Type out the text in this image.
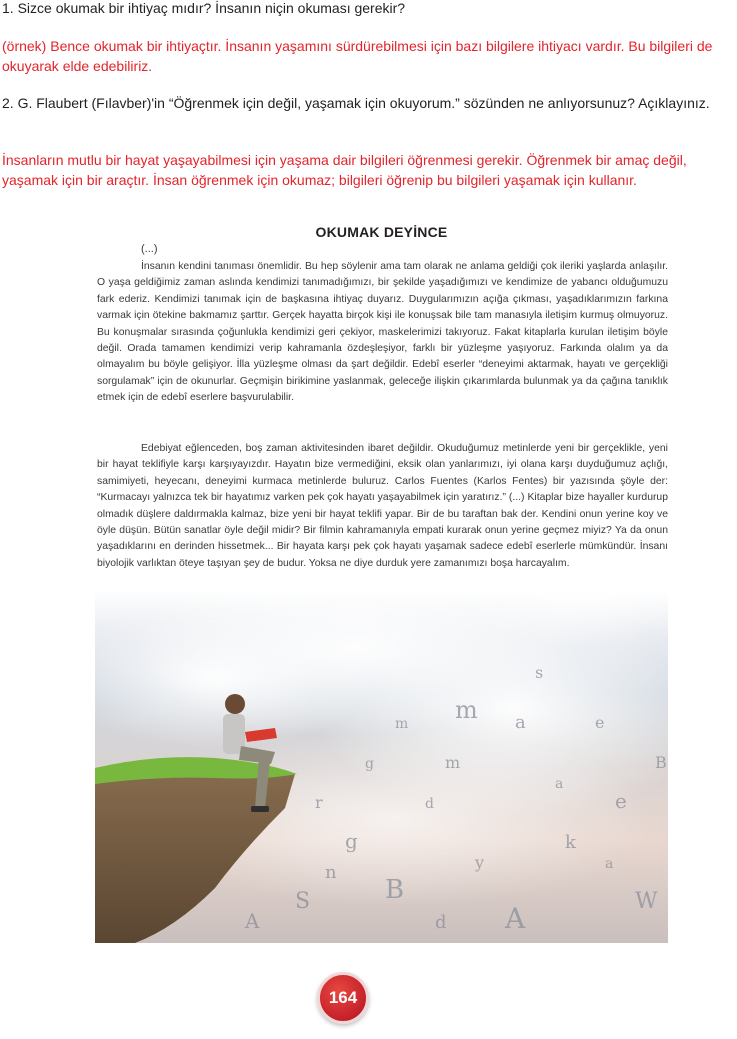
1. Sizce okumak bir ihtiyaç mıdır? İnsanın niçin okuması gerekir?

(örnek) Bence okumak bir ihtiyaçtır. İnsanın yaşamını sürdürebilmesi için bazı bilgilere ihtiyacı vardır. Bu bilgileri de okuyarak elde edebiliriz.

2. G. Flaubert (Fılavber)'in “Öğrenmek için değil, yaşamak için okuyorum.” sözünden ne anlıyorsunuz? Açıklayınız.

İnsanların mutlu bir hayat yaşayabilmesi için yaşama dair bilgileri öğrenmesi gerekir. Öğrenmek bir amaç değil, yaşamak için bir araçtır. İnsan öğrenmek için okumaz; bilgileri öğrenip bu bilgileri yaşamak için kullanır.

m a
B
e
g
A
d
k
r	e
y
W
g
a
S
m
n	a
s
m
A
B
d
OKUMAK DEYİNCE

(...)

İnsanın kendini tanıması önemlidir. Bu hep söylenir ama tam olarak ne anlama geldiği çok ileriki yaşlarda anlaşılır. O yaşa geldiğimiz zaman aslında kendimizi tanımadığımızı, bir şekilde yaşadığımızı ve kendimize de yabancı olduğumuzu fark ederiz. Kendimizi tanımak için de başkasına ihtiyaç duyarız. Duygularımızın açığa çıkması, yaşadıklarımızın farkına varmak için ötekine bakmamız şarttır. Gerçek hayatta birçok kişi ile konuşsak bile tam manasıyla iletişim kurmuş olmuyoruz. Bu konuşmalar sırasında çoğunlukla kendimizi geri çekiyor, maskelerimizi takıyoruz. Fakat kitaplarla kurulan iletişim böyle değil. Orada tamamen kendimizi verip kahramanla özdeşleşiyor, farklı bir yüzleşme yaşıyoruz. Farkında olalım ya da olmayalım bu böyle gelişiyor. İlla yüzleşme olması da şart değildir. Edebî eserler “deneyimi aktarmak, hayatı ve gerçekliği sorgulamak” için de okunurlar. Geçmişin birikimine yaslanmak, geleceğe ilişkin çıkarımlarda bulunmak ya da çağına tanıklık etmek için de edebî eserlere başvurulabilir.

Edebiyat eğlenceden, boş zaman aktivitesinden ibaret değildir. Okuduğumuz metinlerde yeni bir gerçeklikle, yeni bir hayat teklifiyle karşı karşıyayızdır. Hayatın bize vermediğini, eksik olan yanlarımızı, iyi olana karşı duyduğumuz açlığı, samimiyeti, heyecanı, deneyimi kurmaca metinlerde buluruz. Carlos Fuentes (Karlos Fentes) bir yazısında şöyle der: “Kurmacayı yalnızca tek bir hayatımız varken pek çok hayatı yaşayabilmek için yaratırız.” (...) Kitaplar bize hayaller kurdurup olmadık düşlere daldırmakla kalmaz, bize yeni bir hayat teklifi yapar. Bir de bu taraftan bak der. Kendini onun yerine koy ve öyle düşün. Bütün sanatlar öyle değil midir? Bir filmin kahramanıyla empati kurarak onun yerine geçmez miyiz? Ya da onun yaşadıklarını en derinden hissetmek... Bir hayata karşı pek çok hayatı yaşamak sadece edebî eserlerle mümkündür. İnsanı biyolojik varlıktan öteye taşıyan şey de budur. Yoksa ne diye durduk yere zamanımızı boşa harcayalım.

164
